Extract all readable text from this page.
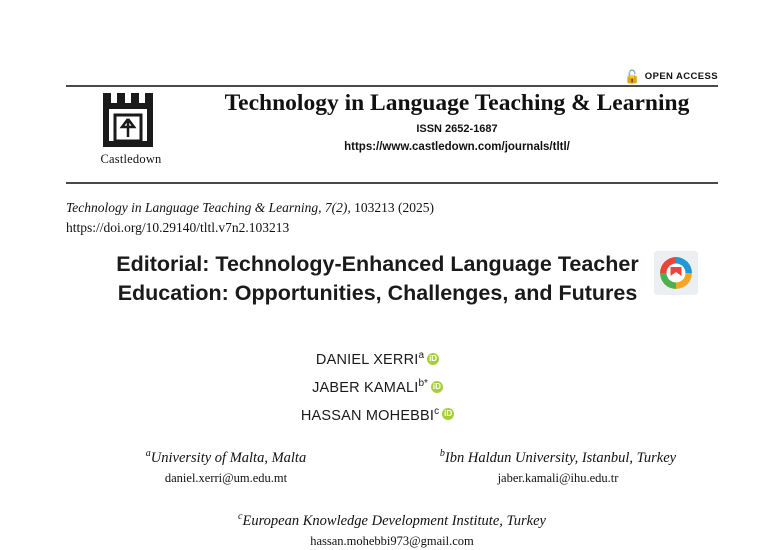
🔓 OPEN ACCESS
Castledown
Technology in Language Teaching & Learning
ISSN 2652-1687
https://www.castledown.com/journals/tltl/
Technology in Language Teaching & Learning, 7(2), 103213 (2025)
https://doi.org/10.29140/tltl.v7n2.103213
Editorial: Technology-Enhanced Language Teacher Education: Opportunities, Challenges, and Futures
DANIEL XERRI$^a$iD
JABER $KAMALI^{b*}iD$
HASSAN MOHEBBI$^c$iD
$^a$University of Malta, Malta
daniel.xerri@um.edu.mt
$^b$Ibn Haldun University, Istanbul, Turkey
jaber.kamali@ihu.edu.tr
$^c$European Knowledge Development Institute, Turkey
hassan.mohebbi973@gmail.com
